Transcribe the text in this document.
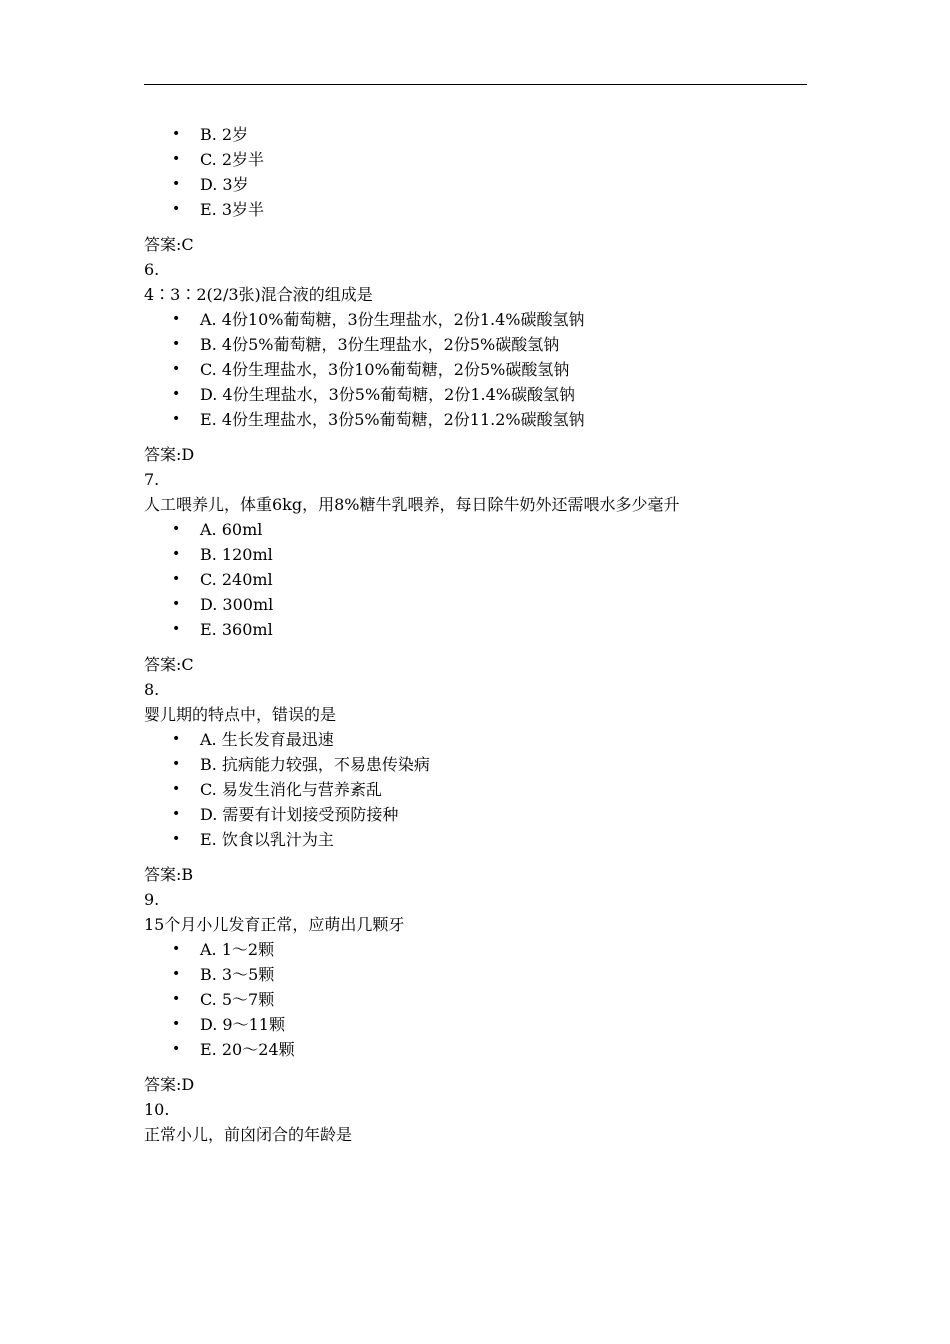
• B. 2岁
• C. 2岁半
• D. 3岁
• E. 3岁半
答案:C
6.
4∶3∶2(2/3张)混合液的组成是
• A. 4份10%葡萄糖，3份生理盐水，2份1.4%碳酸氢钠
• B. 4份5%葡萄糖，3份生理盐水，2份5%碳酸氢钠
• C. 4份生理盐水，3份10%葡萄糖，2份5%碳酸氢钠
• D. 4份生理盐水，3份5%葡萄糖，2份1.4%碳酸氢钠
• E. 4份生理盐水，3份5%葡萄糖，2份11.2%碳酸氢钠
答案:D
7.
人工喂养儿，体重6kg，用8%糖牛乳喂养，每日除牛奶外还需喂水多少毫升
• A. 60ml
• B. 120ml
• C. 240ml
• D. 300ml
• E. 360ml
答案:C
8.
婴儿期的特点中，错误的是
• A. 生长发育最迅速
• B. 抗病能力较强，不易患传染病
• C. 易发生消化与营养紊乱
• D. 需要有计划接受预防接种
• E. 饮食以乳汁为主
答案:B
9.
15个月小儿发育正常，应萌出几颗牙
• A. 1～2颗
• B. 3～5颗
• C. 5～7颗
• D. 9～11颗
• E. 20～24颗
答案:D
10.
正常小儿，前囟闭合的年龄是
